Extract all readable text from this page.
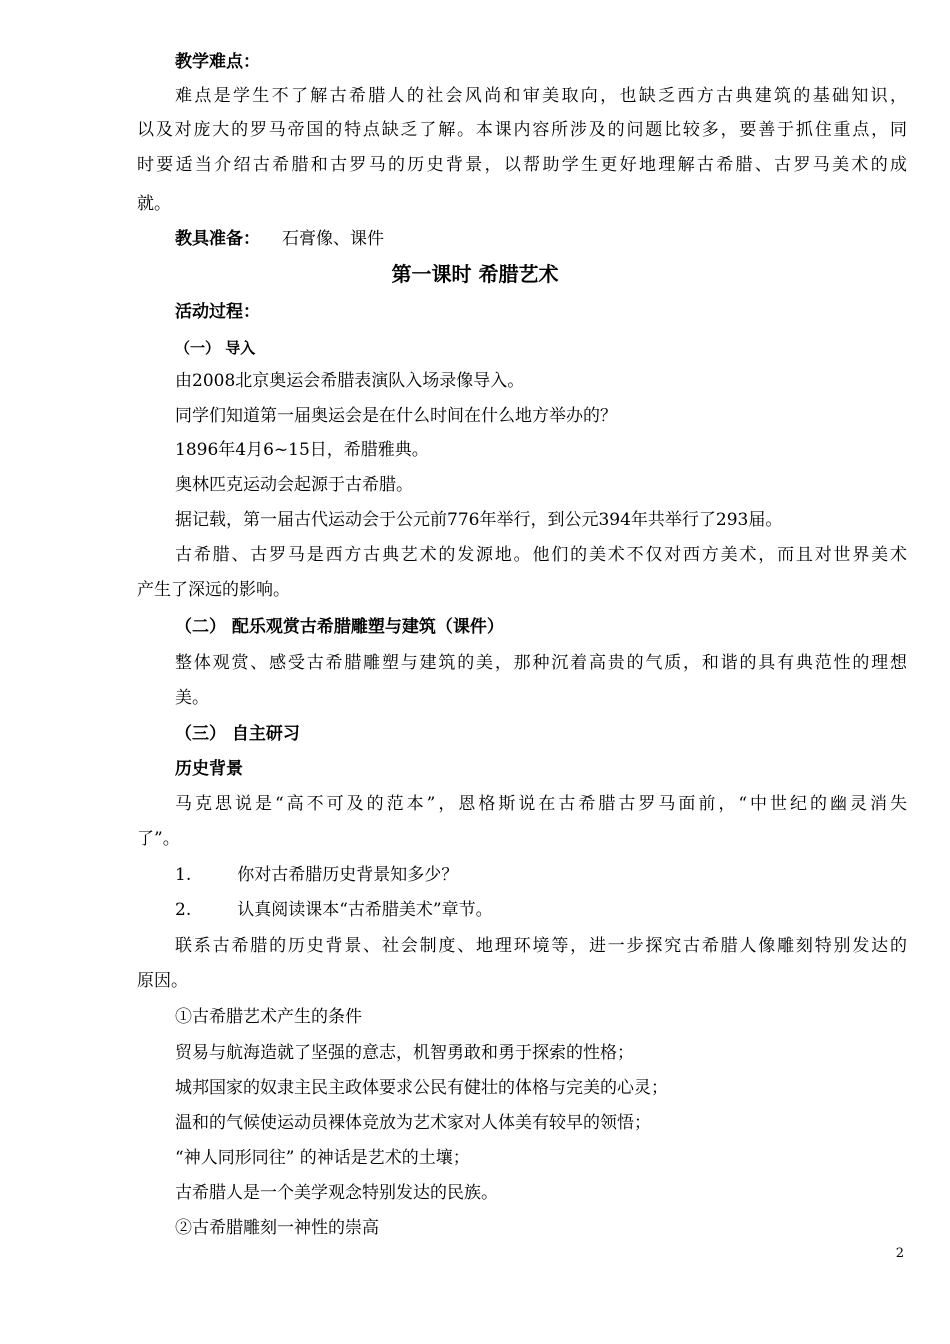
教学难点：
难点是学生不了解古希腊人的社会风尚和审美取向，也缺乏西方古典建筑的基础知识，
以及对庞大的罗马帝国的特点缺乏了解。本课内容所涉及的问题比较多，要善于抓住重点，同
时要适当介绍古希腊和古罗马的历史背景，以帮助学生更好地理解古希腊、古罗马美术的成
就。
教具准备： 石膏像、课件
第一课时 希腊艺术
活动过程：
（一） 导入
由2008北京奥运会希腊表演队入场录像导入。
同学们知道第一届奥运会是在什么时间在什么地方举办的？
1896年4月6~15日，希腊雅典。
奥林匹克运动会起源于古希腊。
据记载，第一届古代运动会于公元前776年举行，到公元394年共举行了293届。
古希腊、古罗马是西方古典艺术的发源地。他们的美术不仅对西方美术，而且对世界美术
产生了深远的影响。
（二） 配乐观赏古希腊雕塑与建筑（课件）
整体观赏、感受古希腊雕塑与建筑的美，那种沉着高贵的气质，和谐的具有典范性的理想
美。
（三） 自主研习
历史背景
马克思说是“高不可及的范本”，恩格斯说在古希腊古罗马面前，“中世纪的幽灵消失
了”。
1.	你对古希腊历史背景知多少？
2.	认真阅读课本“古希腊美术”章节。
联系古希腊的历史背景、社会制度、地理环境等，进一步探究古希腊人像雕刻特别发达的
原因。
①古希腊艺术产生的条件
贸易与航海造就了坚强的意志，机智勇敢和勇于探索的性格；
城邦国家的奴隶主民主政体要求公民有健壮的体格与完美的心灵；
温和的气候使运动员裸体竞放为艺术家对人体美有较早的领悟；
“神人同形同往” 的神话是艺术的土壤；
古希腊人是一个美学观念特别发达的民族。
②古希腊雕刻一神性的崇高
2
